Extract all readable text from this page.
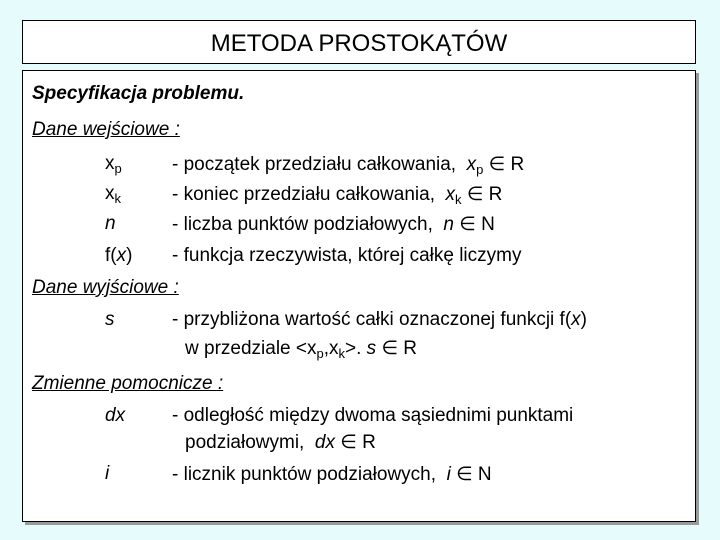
METODA PROSTOKĄTÓW
Specyfikacja problemu.
Dane wejściowe :
$x_p$	- początek przedziału całkowania, $x_p$ ∈ R
$x_k$	- koniec przedziału całkowania, $x_k$ ∈ R
n	- liczba punktów podziałowych, n ∈ N
f(x) - funkcja rzeczywista, której całkę liczymy
Dane wyjściowe :
s	- przybliżona wartość całki oznaczonej funkcji f(x)
w przedziale $<x_p,x_k>$. s ∈ R
Zmienne pomocnicze :
dx - odległość między dwoma sąsiednimi punktami
podziałowymi, dx ∈ R
i	- licznik punktów podziałowych, i ∈ N
